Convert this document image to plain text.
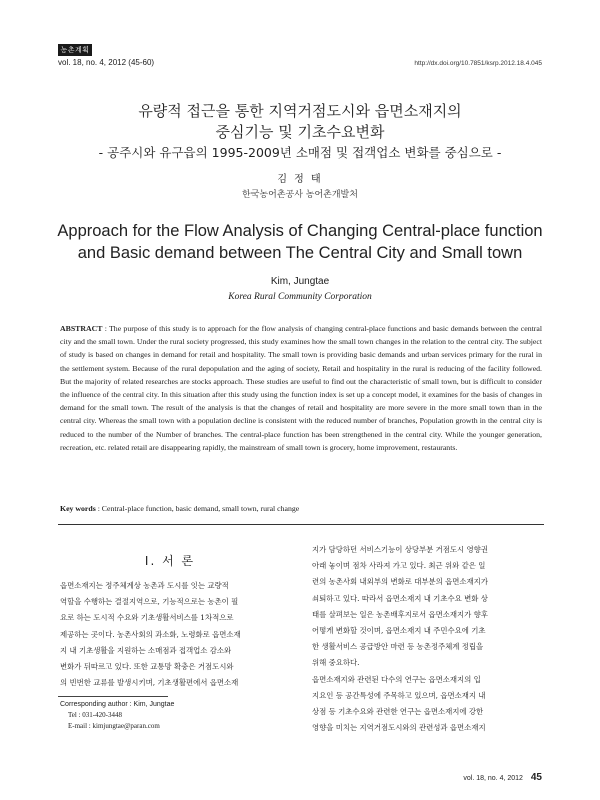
농촌계획
vol. 18, no. 4, 2012 (45-60)	http://dx.doi.org/10.7851/ksrp.2012.18.4.045
유량적 접근을 통한 지역거점도시와 읍면소재지의
중심기능 및 기초수요변화
- 공주시와 유구읍의 1995-2009년 소매점 및 접객업소 변화를 중심으로 -
김 정 태
한국농어촌공사 농어촌개발처
Approach for the Flow Analysis of Changing Central-place function
and Basic demand between The Central City and Small town
Kim, Jungtae
Korea Rural Community Corporation
ABSTRACT : The purpose of this study is to approach for the flow analysis of changing central-place functions and basic demands between the central city and the small town. Under the rural society progressed, this study examines how the small town changes in the relation to the central city. The subject of study is based on changes in demand for retail and hospitality. The small town is providing basic demands and urban services primary for the rural in the settlement system. Because of the rural depopulation and the aging of society, Retail and hospitality in the rural is reducing of the facility followed. But the majority of related researches are stocks approach. These studies are useful to find out the characteristic of small town, but is difficult to consider the influence of the central city. In this situation after this study using the function index is set up a concept model, it examines for the basis of changes in demand for the small town. The result of the analysis is that the changes of retail and hospitality are more severe in the more small town than in the central city. Whereas the small town with a population decline is consistent with the reduced number of branches, Population growth in the central city is reduced to the number of the Number of branches. The central-place function has been strengthened in the central city. While the younger generation, recreation, etc. related retail are disappearing rapidly, the mainstream of small town is grocery, home improvement, restaurants.
Key words : Central-place function, basic demand, small town, rural change
I. 서 론
읍면소재지는 정주체계상 농촌과 도시를 잇는 교량적
역할을 수행하는 결절지역으로, 기능적으로는 농촌이 필
요로 하는 도시적 수요와 기초생활서비스를 1차적으로
제공하는 곳이다. 농촌사회의 과소화, 노령화로 읍면소재
지 내 기초생활을 지원하는 소매점과 접객업소 감소와
변화가 뒤따르고 있다. 또한 교통망 확충은 거점도시와
의 빈번한 교류를 발생시키며, 기초생활편에서 읍면소재
지가 담당하던 서비스기능이 상당부분 거점도시 영향권
아래 놓이며 점차 사라져 가고 있다. 최근 위와 같은 일
련의 농촌사회 내외부의 변화로 대부분의 읍면소재지가
쇠퇴하고 있다. 따라서 읍면소재지 내 기초수요 변화 상
태를 살펴보는 일은 농촌배후지로서 읍면소재지가 향후
어떻게 변화할 것이며, 읍면소재지 내 주민수요에 기초
한 생활서비스 공급방안 마련 등 농촌정주체계 정립을
위해 중요하다.
읍면소재지와 관련된 다수의 연구는 읍면소재지의 입
지요인 등 공간특성에 주목하고 있으며, 읍면소재지 내
상점 등 기초수요와 관련한 연구는 읍면소재지에 강한
영향을 미치는 지역거점도시와의 관련성과 읍면소재지
Corresponding author : Kim, Jungtae
Tel : 031-420-3448
E-mail : kimjungtae@paran.com
vol. 18, no. 4, 2012 45
